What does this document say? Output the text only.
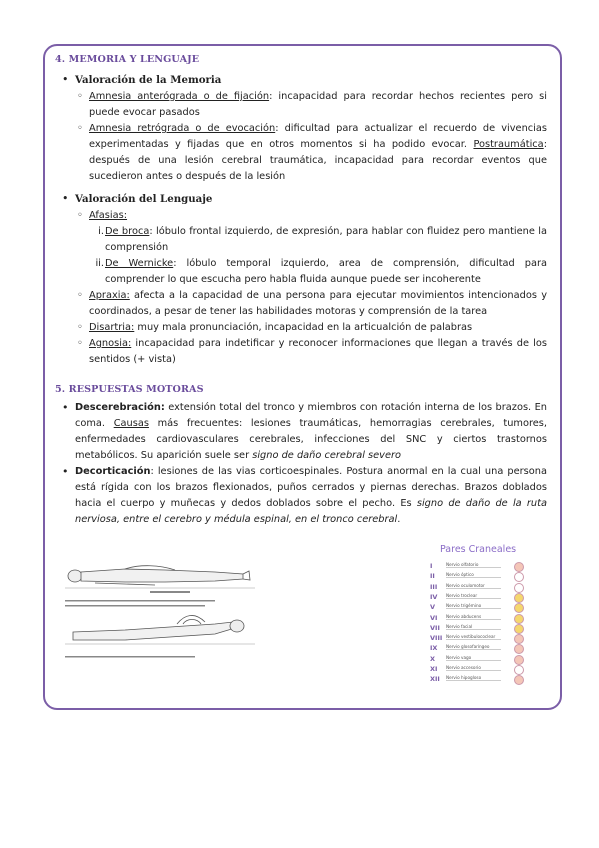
4. MEMORIA Y LENGUAJE
• Valoración de la Memoria
◦ Amnesia anterógrada o de fijación: incapacidad para recordar hechos recientes pero si puede evocar pasados
◦ Amnesia retrógrada o de evocación: dificultad para actualizar el recuerdo de vivencias experimentadas y fijadas que en otros momentos si ha podido evocar. Postraumática: después de una lesión cerebral traumática, incapacidad para recordar eventos que sucedieron antes o después de la lesión
• Valoración del Lenguaje
◦ Afasias:
i. De broca: lóbulo frontal izquierdo, de expresión, para hablar con fluidez pero mantiene la comprensión
ii. De Wernicke: lóbulo temporal izquierdo, area de comprensión, dificultad para comprender lo que escucha pero habla fluida aunque puede ser incoherente
◦ Apraxia: afecta a la capacidad de una persona para ejecutar movimientos intencionados y coordinados, a pesar de tener las habilidades motoras y comprensión de la tarea
◦ Disartria: muy mala pronunciación, incapacidad en la articualción de palabras
◦ Agnosia: incapacidad para indetificar y reconocer informaciones que llegan a través de los sentidos (+ vista)
5. RESPUESTAS MOTORAS
• Descerebración: extensión total del tronco y miembros con rotación interna de los brazos. En coma. Causas más frecuentes: lesiones traumáticas, hemorragias cerebrales, tumores, enfermedades cardiovasculares cerebrales, infecciones del SNC y ciertos trastornos metabólicos. Su aparición suele ser signo de daño cerebral severo
• Decorticación: lesiones de las vias corticoespinales. Postura anormal en la cual una persona está rígida con los brazos flexionados, puños cerrados y piernas derechas. Brazos doblados hacia el cuerpo y muñecas y dedos doblados sobre el pecho. Es signo de daño de la ruta nerviosa, entre el cerebro y médula espinal, en el tronco cerebral.
Pares Craneales
I	Nervio olfatorio
II	Nervio óptico
III Nervio oculomotor
IV Nervio troclear
V	Nervio trigémino
VI Nervio abducens
VII Nervio facial
VIII Nervio vestibulococlear
IX Nervio glosofaríngeo
X	Nervio vago
XI Nervio accesorio
XII Nervio hipogloso
